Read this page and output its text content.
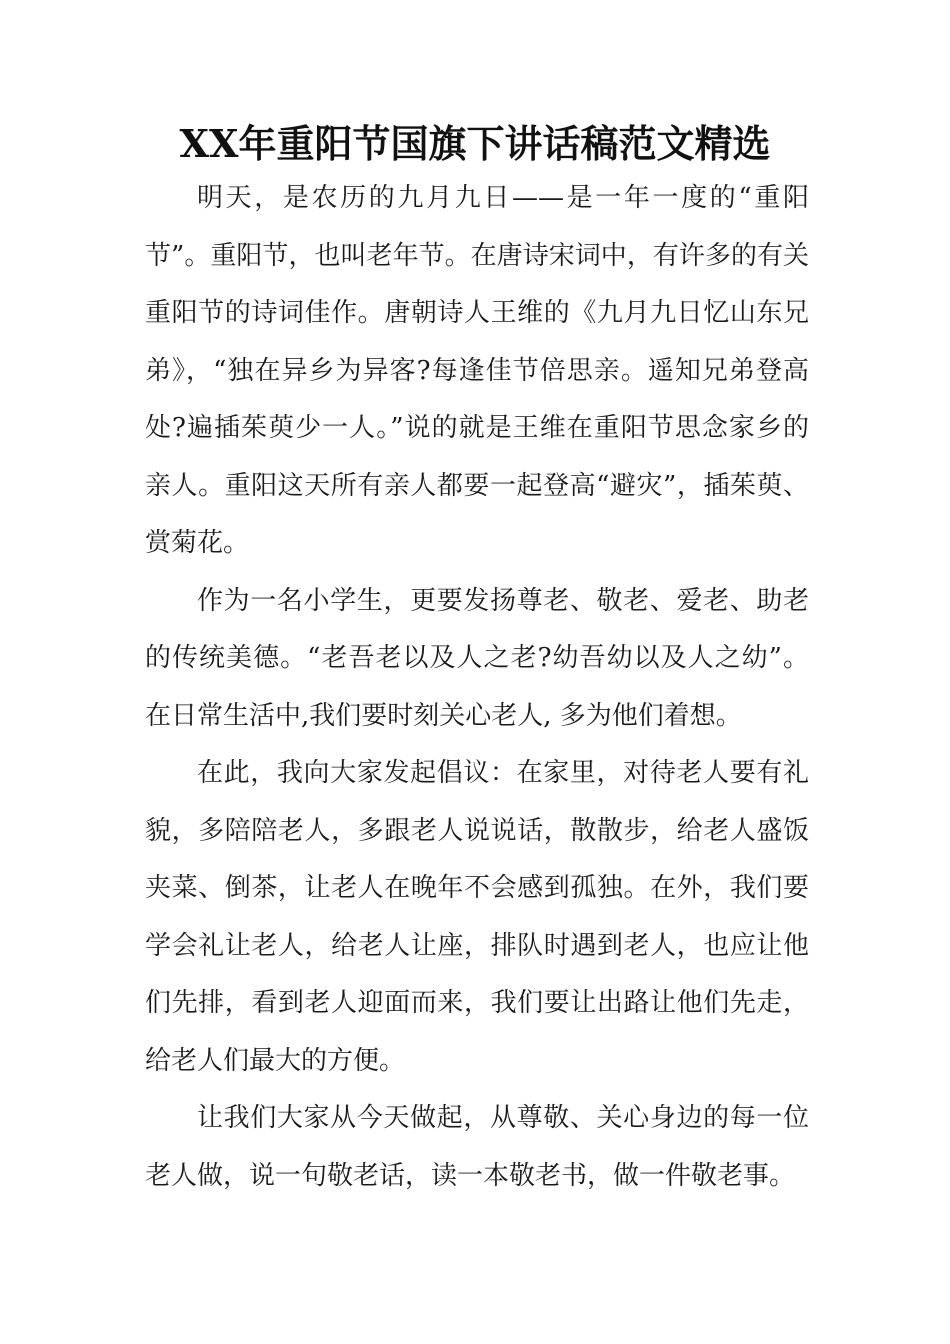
XX年重阳节国旗下讲话稿范文精选

明天，是农历的九月九日——是一年一度的“重阳节”。重阳节，也叫老年节。在唐诗宋词中，有许多的有关重阳节的诗词佳作。唐朝诗人王维的《九月九日忆山东兄弟》，“独在异乡为异客?每逢佳节倍思亲。遥知兄弟登高处?遍插茱萸少一人。”说的就是王维在重阳节思念家乡的亲人。重阳这天所有亲人都要一起登高“避灾”，插茱萸、赏菊花。

作为一名小学生，更要发扬尊老、敬老、爱老、助老的传统美德。“老吾老以及人之老?幼吾幼以及人之幼”。在日常生活中,我们要时刻关心老人, 多为他们着想。

在此，我向大家发起倡议：在家里，对待老人要有礼貌，多陪陪老人，多跟老人说说话，散散步，给老人盛饭夹菜、倒茶，让老人在晚年不会感到孤独。在外，我们要学会礼让老人，给老人让座，排队时遇到老人，也应让他们先排，看到老人迎面而来，我们要让出路让他们先走，给老人们最大的方便。

让我们大家从今天做起，从尊敬、关心身边的每一位老人做，说一句敬老话，读一本敬老书，做一件敬老事。
